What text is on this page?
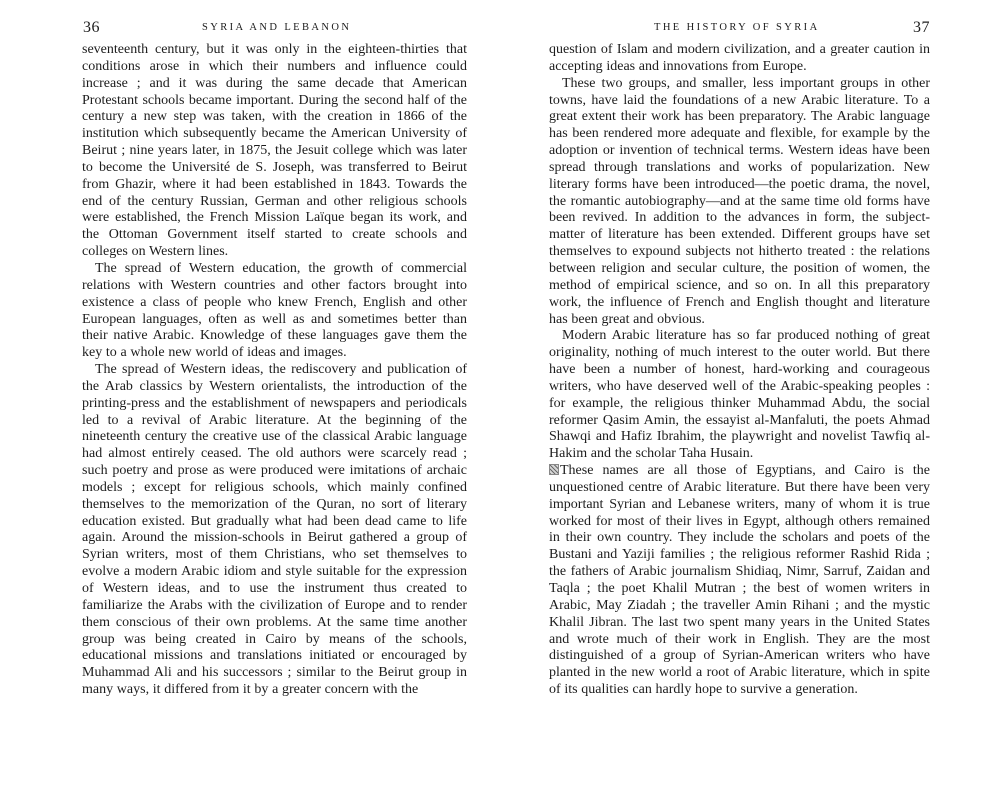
36	SYRIA AND LEBANON

seventeenth century, but it was only in the eighteen-thirties that conditions arose in which their numbers and influence could increase ; and it was during the same decade that American Protestant schools became important. During the second half of the century a new step was taken, with the creation in 1866 of the institution which subsequently became the American University of Beirut ; nine years later, in 1875, the Jesuit college which was later to become the Université de S. Joseph, was transferred to Beirut from Ghazir, where it had been established in 1843. Towards the end of the century Russian, German and other religious schools were established, the French Mission Laïque began its work, and the Ottoman Government itself started to create schools and colleges on Western lines.

The spread of Western education, the growth of commercial relations with Western countries and other factors brought into existence a class of people who knew French, English and other European languages, often as well as and sometimes better than their native Arabic. Knowledge of these languages gave them the key to a whole new world of ideas and images.

The spread of Western ideas, the rediscovery and publication of the Arab classics by Western orientalists, the introduction of the printing-press and the establishment of newspapers and periodicals led to a revival of Arabic literature. At the beginning of the nineteenth century the creative use of the classical Arabic language had almost entirely ceased. The old authors were scarcely read ; such poetry and prose as were produced were imitations of archaic models ; except for religious schools, which mainly confined themselves to the memorization of the Quran, no sort of literary education existed. But gradually what had been dead came to life again. Around the mission-schools in Beirut gathered a group of Syrian writers, most of them Christians, who set themselves to evolve a modern Arabic idiom and style suitable for the expression of Western ideas, and to use the instrument thus created to familiarize the Arabs with the civilization of Europe and to render them conscious of their own problems. At the same time another group was being created in Cairo by means of the schools, educational missions and translations initiated or encouraged by Muhammad Ali and his successors ; similar to the Beirut group in many ways, it differed from it by a greater concern with the

THE HISTORY OF SYRIA	37

question of Islam and modern civilization, and a greater caution in accepting ideas and innovations from Europe.

These two groups, and smaller, less important groups in other towns, have laid the foundations of a new Arabic literature. To a great extent their work has been preparatory. The Arabic language has been rendered more adequate and flexible, for example by the adoption or invention of technical terms. Western ideas have been spread through translations and works of popularization. New literary forms have been introduced—the poetic drama, the novel, the romantic autobiography—and at the same time old forms have been revived. In addition to the advances in form, the subject-matter of literature has been extended. Different groups have set themselves to expound subjects not hitherto treated : the relations between religion and secular culture, the position of women, the method of empirical science, and so on. In all this preparatory work, the influence of French and English thought and literature has been great and obvious.

Modern Arabic literature has so far produced nothing of great originality, nothing of much interest to the outer world. But there have been a number of honest, hard-working and courageous writers, who have deserved well of the Arabic-speaking peoples : for example, the religious thinker Muhammad Abdu, the social reformer Qasim Amin, the essayist al-Manfaluti, the poets Ahmad Shawqi and Hafiz Ibrahim, the playwright and novelist Tawfiq al-Hakim and the scholar Taha Husain.

These names are all those of Egyptians, and Cairo is the unquestioned centre of Arabic literature. But there have been very important Syrian and Lebanese writers, many of whom it is true worked for most of their lives in Egypt, although others remained in their own country. They include the scholars and poets of the Bustani and Yaziji families ; the religious reformer Rashid Rida ; the fathers of Arabic journalism Shidiaq, Nimr, Sarruf, Zaidan and Taqla ; the poet Khalil Mutran ; the best of women writers in Arabic, May Ziadah ; the traveller Amin Rihani ; and the mystic Khalil Jibran. The last two spent many years in the United States and wrote much of their work in English. They are the most distinguished of a group of Syrian-American writers who have planted in the new world a root of Arabic literature, which in spite of its qualities can hardly hope to survive a generation.
